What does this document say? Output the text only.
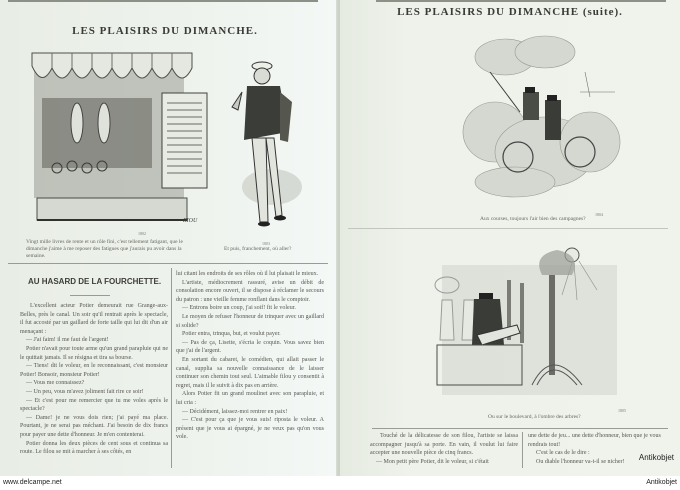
LES PLAISIRS DU DIMANCHE.
1802
RIOU
Vingt mille livres de rente et un rôle fini, c'est tellement fatigant, que le dimanche j'aime à me reposer des fatigues que j'aurais pu avoir dans la semaine.
1803
Et puis, franchement, où aller?
AU HASARD DE LA FOURCHETTE.

L'excellent acteur Potier demeurait rue Grange-aux-Belles, près le canal. Un soir qu'il rentrait après le spectacle, il fut accosté par un gaillard de forte taille qui lui dit d'un air menaçant :

— J'ai faim! il me faut de l'argent!

Potier n'avait pour toute arme qu'un grand parapluie qui ne le quittait jamais. Il se résigna et tira sa bourse.

— Tiens! dit le voleur, en le reconnaissant, c'est monsieur Potier! Bonsoir, monsieur Potier!

— Vous me connaissez?

— Un peu, vous m'avez joliment fait rire ce soir!

— Et c'est pour me remercier que tu me voles après le spectacle?

— Dame! je ne vous dois rien; j'ai payé ma place. Pourtant, je ne serai pas méchant. J'ai besoin de dix francs pour payer une dette d'honneur. Je m'en contenterai.

Potier donna les deux pièces de cent sous et continua sa route. Le filou se mit à marcher à ses côtés, en

lui citant les endroits de ses rôles où il lui plaisait le mieux.

L'artiste, médiocrement rassuré, avise un débit de consolation encore ouvert, il se dispose à réclamer le secours du patron : une vieille femme ronflant dans le comptoir.

— Entrons boire un coup, j'ai soif! fit le voleur.

Le moyen de refuser l'honneur de trinquer avec un gaillard si solide?

Potier entra, trinqua, but, et voulut payer.

— Pas de ça, Lisette, s'écria le coquin. Vous savez bien que j'ai de l'argent.

En sortant du cabaret, le comédien, qui allait passer le canal, supplia sa nouvelle connaissance de le laisser continuer son chemin tout seul. L'aimable filou y consentit à regret, mais il le suivit à dix pas en arrière.

Alors Potier fit un grand moulinet avec son parapluie, et lui cria :

— Décidément, laissez-moi rentrer en paix!

— C'est pour ça que je vous suis! riposta le voleur. A présent que je vous ai épargné, je ne veux pas qu'on vous vole.

LES PLAISIRS DU DIMANCHE (suite).
1804
Aux courses, toujours l'air bien des campagnes?
1805
Ou sur le boulevard, à l'ombre des arbres?

Touché de la délicatesse de son filou, l'artiste se laissa accompagner jusqu'à sa porte. En vain, il voulut lui faire accepter une nouvelle pièce de cinq francs.

— Mon petit père Potier, dit le voleur, si c'était

une dette de jeu... une dette d'honneur, bien que je vous rendrais tout!

C'est le cas de le dire :

Ou diable l'honneur va-t-il se nicher!	Antikobjet
www.delcampe.net	Antikobjet
